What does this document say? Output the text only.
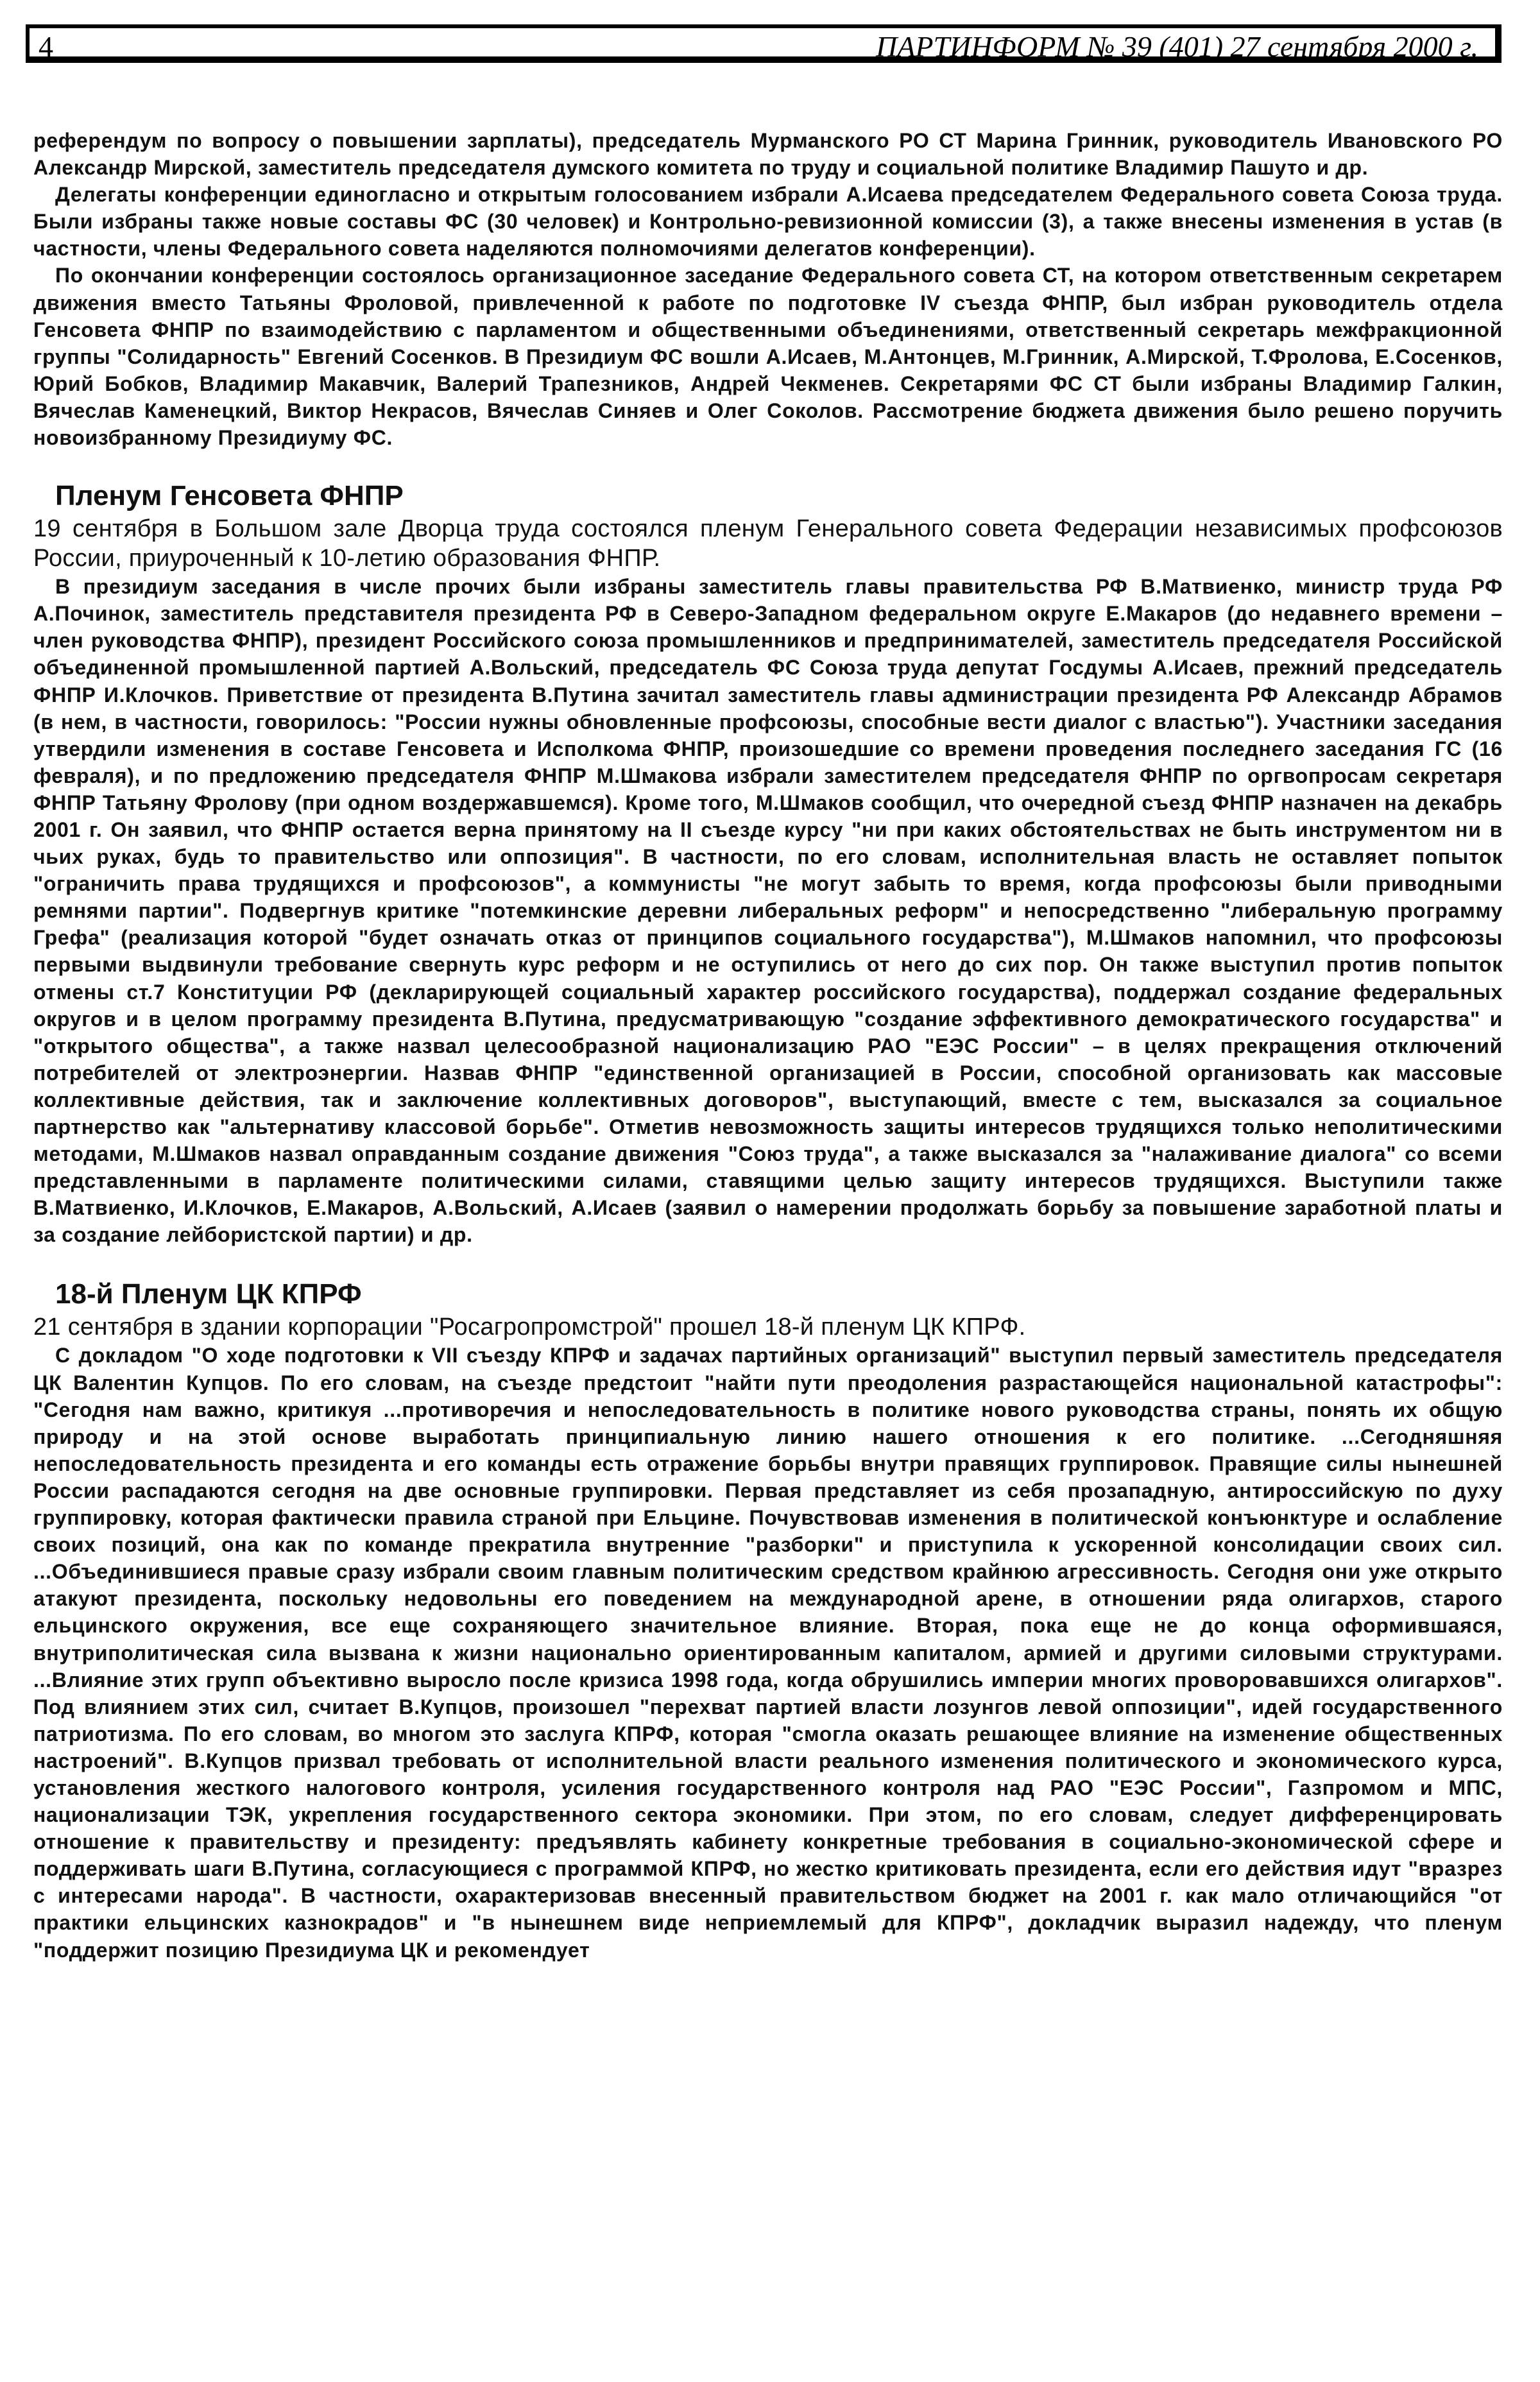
4	ПАРТИНФОРМ № 39 (401) 27 сентября 2000 г.

референдум по вопросу о повышении зарплаты), председатель Мурманского РО СТ Марина Гринник, руководитель Ивановского РО Александр Мирской, заместитель председателя думского комитета по труду и социальной политике Владимир Пашуто и др.

Делегаты конференции единогласно и открытым голосованием избрали А.Исаева председателем Федерального совета Союза труда. Были избраны также новые составы ФС (30 человек) и Контрольно-ревизионной комиссии (3), а также внесены изменения в устав (в частности, члены Федерального совета наделяются полномочиями делегатов конференции).

По окончании конференции состоялось организационное заседание Федерального совета СТ, на котором ответственным секретарем движения вместо Татьяны Фроловой, привлеченной к работе по подготовке IV съезда ФНПР, был избран руководитель отдела Генсовета ФНПР по взаимодействию с парламентом и общественными объединениями, ответственный секретарь межфракционной группы "Солидарность" Евгений Сосенков. В Президиум ФС вошли А.Исаев, М.Антонцев, М.Гринник, А.Мирской, Т.Фролова, Е.Сосенков, Юрий Бобков, Владимир Макавчик, Валерий Трапезников, Андрей Чекменев. Секретарями ФС СТ были избраны Владимир Галкин, Вячеслав Каменецкий, Виктор Некрасов, Вячеслав Синяев и Олег Соколов. Рассмотрение бюджета движения было решено поручить новоизбранному Президиуму ФС.

Пленум Генсовета ФНПР

19 сентября в Большом зале Дворца труда состоялся пленум Генерального совета Федерации независимых профсоюзов России, приуроченный к 10-летию образования ФНПР.

В президиум заседания в числе прочих были избраны заместитель главы правительства РФ В.Матвиенко, министр труда РФ А.Починок, заместитель представителя президента РФ в Северо-Западном федеральном округе Е.Макаров (до недавнего времени – член руководства ФНПР), президент Российского союза промышленников и предпринимателей, заместитель председателя Российской объединенной промышленной партией А.Вольский, председатель ФС Союза труда депутат Госдумы А.Исаев, прежний председатель ФНПР И.Клочков. Приветствие от президента В.Путина зачитал заместитель главы администрации президента РФ Александр Абрамов (в нем, в частности, говорилось: "России нужны обновленные профсоюзы, способные вести диалог с властью"). Участники заседания утвердили изменения в составе Генсовета и Исполкома ФНПР, произошедшие со времени проведения последнего заседания ГС (16 февраля), и по предложению председателя ФНПР М.Шмакова избрали заместителем председателя ФНПР по оргвопросам секретаря ФНПР Татьяну Фролову (при одном воздержавшемся). Кроме того, М.Шмаков сообщил, что очередной съезд ФНПР назначен на декабрь 2001 г. Он заявил, что ФНПР остается верна принятому на II съезде курсу "ни при каких обстоятельствах не быть инструментом ни в чьих руках, будь то правительство или оппозиция". В частности, по его словам, исполнительная власть не оставляет попыток "ограничить права трудящихся и профсоюзов", а коммунисты "не могут забыть то время, когда профсоюзы были приводными ремнями партии". Подвергнув критике "потемкинские деревни либеральных реформ" и непосредственно "либеральную программу Грефа" (реализация которой "будет означать отказ от принципов социального государства"), М.Шмаков напомнил, что профсоюзы первыми выдвинули требование свернуть курс реформ и не оступились от него до сих пор. Он также выступил против попыток отмены ст.7 Конституции РФ (декларирующей социальный характер российского государства), поддержал создание федеральных округов и в целом программу президента В.Путина, предусматривающую "создание эффективного демократического государства" и "открытого общества", а также назвал целесообразной национализацию РАО "ЕЭС России" – в целях прекращения отключений потребителей от электроэнергии. Назвав ФНПР "единственной организацией в России, способной организовать как массовые коллективные действия, так и заключение коллективных договоров", выступающий, вместе с тем, высказался за социальное партнерство как "альтернативу классовой борьбе". Отметив невозможность защиты интересов трудящихся только неполитическими методами, М.Шмаков назвал оправданным создание движения "Союз труда", а также высказался за "налаживание диалога" со всеми представленными в парламенте политическими силами, ставящими целью защиту интересов трудящихся. Выступили также В.Матвиенко, И.Клочков, Е.Макаров, А.Вольский, А.Исаев (заявил о намерении продолжать борьбу за повышение заработной платы и за создание лейбористской партии) и др.

18-й Пленум ЦК КПРФ

21 сентября в здании корпорации "Росагропромстрой" прошел 18-й пленум ЦК КПРФ.

С докладом "О ходе подготовки к VII съезду КПРФ и задачах партийных организаций" выступил первый заместитель председателя ЦК Валентин Купцов. По его словам, на съезде предстоит "найти пути преодоления разрастающейся национальной катастрофы": "Сегодня нам важно, критикуя ...противоречия и непоследовательность в политике нового руководства страны, понять их общую природу и на этой основе выработать принципиальную линию нашего отношения к его политике. ...Сегодняшняя непоследовательность президента и его команды есть отражение борьбы внутри правящих группировок. Правящие силы нынешней России распадаются сегодня на две основные группировки. Первая представляет из себя прозападную, антироссийскую по духу группировку, которая фактически правила страной при Ельцине. Почувствовав изменения в политической конъюнктуре и ослабление своих позиций, она как по команде прекратила внутренние "разборки" и приступила к ускоренной консолидации своих сил. ...Объединившиеся правые сразу избрали своим главным политическим средством крайнюю агрессивность. Сегодня они уже открыто атакуют президента, поскольку недовольны его поведением на международной арене, в отношении ряда олигархов, старого ельцинского окружения, все еще сохраняющего значительное влияние. Вторая, пока еще не до конца оформившаяся, внутриполитическая сила вызвана к жизни национально ориентированным капиталом, армией и другими силовыми структурами. ...Влияние этих групп объективно выросло после кризиса 1998 года, когда обрушились империи многих проворовавшихся олигархов". Под влиянием этих сил, считает В.Купцов, произошел "перехват партией власти лозунгов левой оппозиции", идей государственного патриотизма. По его словам, во многом это заслуга КПРФ, которая "смогла оказать решающее влияние на изменение общественных настроений". В.Купцов призвал требовать от исполнительной власти реального изменения политического и экономического курса, установления жесткого налогового контроля, усиления государственного контроля над РАО "ЕЭС России", Газпромом и МПС, национализации ТЭК, укрепления государственного сектора экономики. При этом, по его словам, следует дифференцировать отношение к правительству и президенту: предъявлять кабинету конкретные требования в социально-экономической сфере и поддерживать шаги В.Путина, согласующиеся с программой КПРФ, но жестко критиковать президента, если его действия идут "вразрез с интересами народа". В частности, охарактеризовав внесенный правительством бюджет на 2001 г. как мало отличающийся "от практики ельцинских казнокрадов" и "в нынешнем виде неприемлемый для КПРФ", докладчик выразил надежду, что пленум "поддержит позицию Президиума ЦК и рекомендует
